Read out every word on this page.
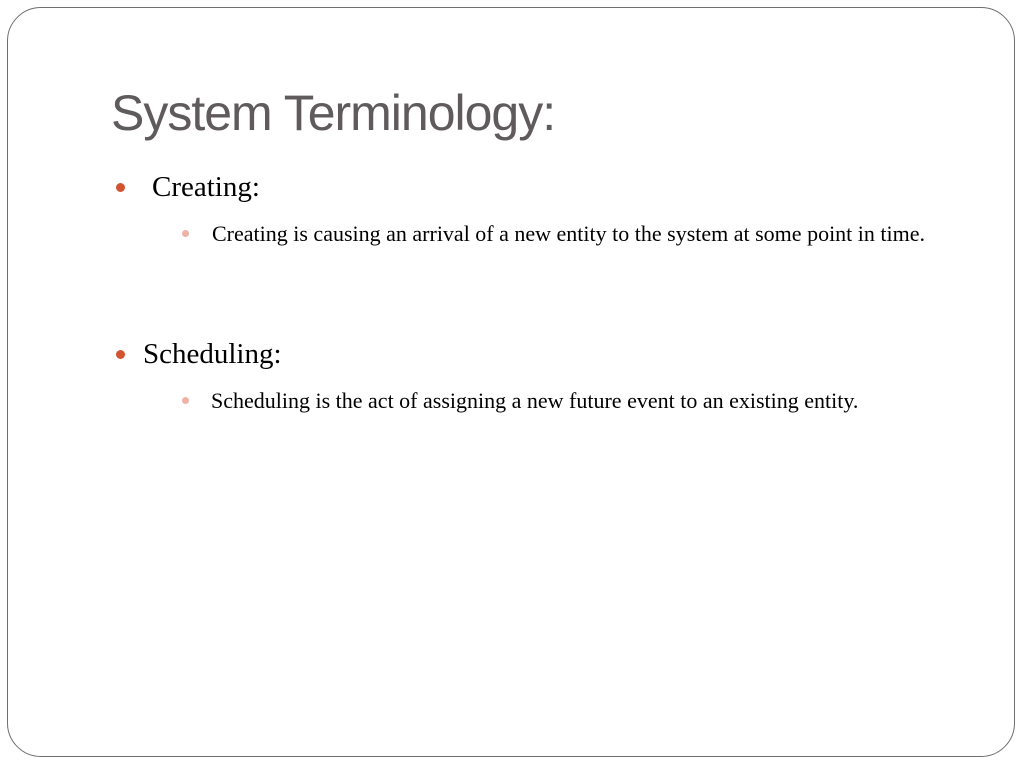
System Terminology:
Creating:
Creating is causing an arrival of a new entity to the system at some point in time.
Scheduling:
Scheduling is the act of assigning a new future event to an existing entity.
